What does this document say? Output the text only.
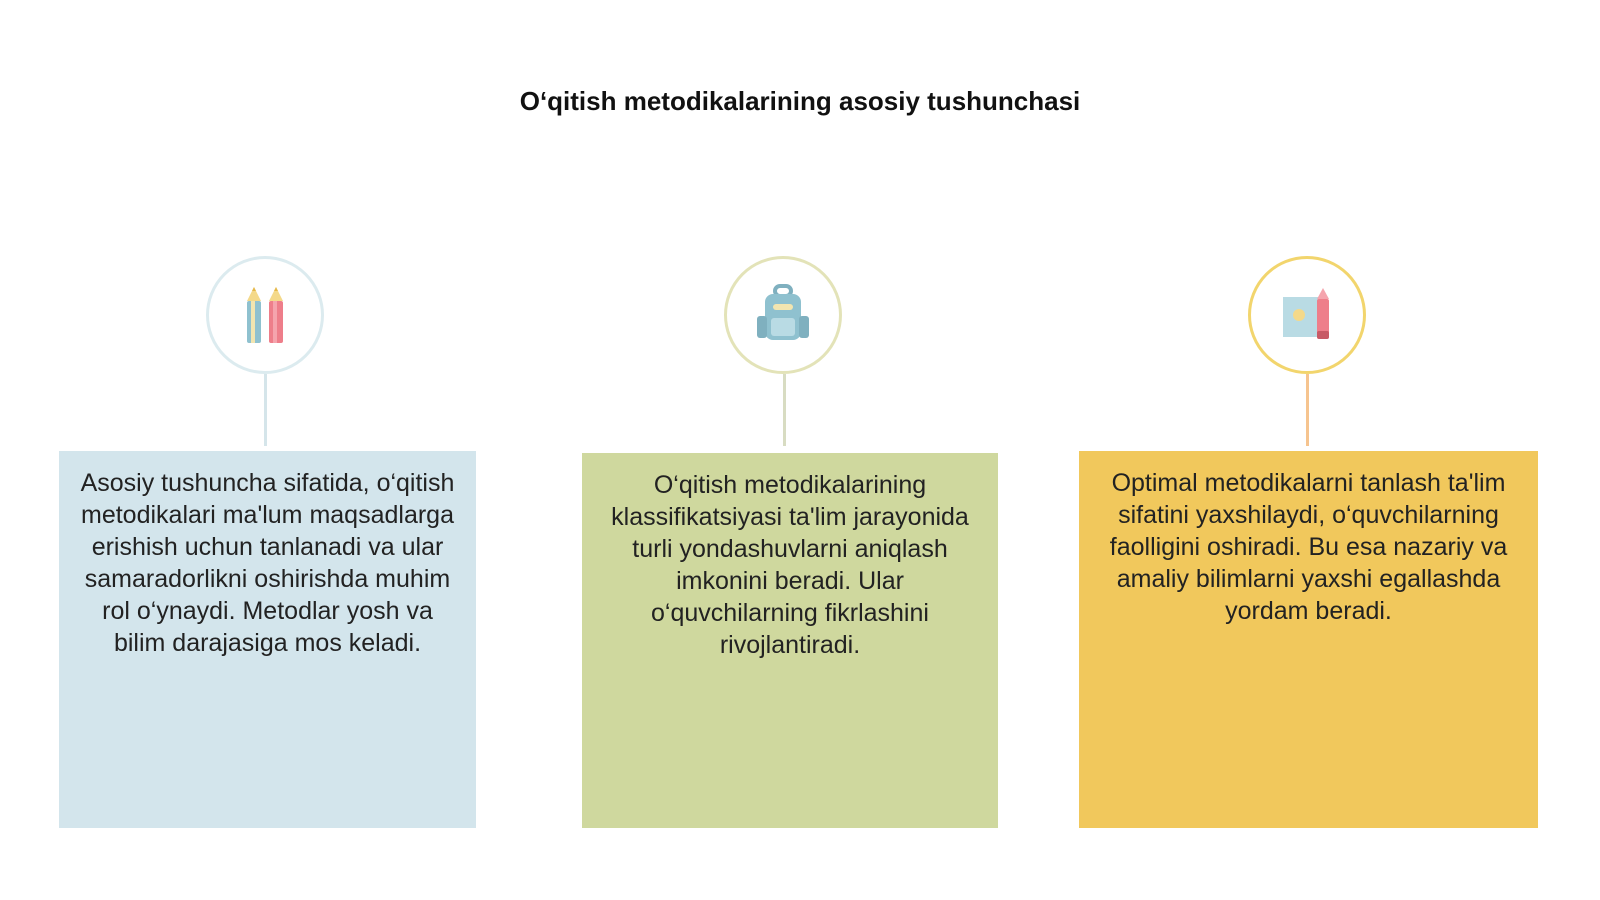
O‘qitish metodikalarining asosiy tushunchasi
Asosiy tushuncha sifatida, o‘qitish metodikalari ma'lum maqsadlarga erishish uchun tanlanadi va ular samaradorlikni oshirishda muhim rol o‘ynaydi. Metodlar yosh va bilim darajasiga mos keladi.
O‘qitish metodikalarining klassifikatsiyasi ta'lim jarayonida turli yondashuvlarni aniqlash imkonini beradi. Ular o‘quvchilarning fikrlashini rivojlantiradi.
Optimal metodikalarni tanlash ta'lim sifatini yaxshilaydi, o‘quvchilarning faolligini oshiradi. Bu esa nazariy va amaliy bilimlarni yaxshi egallashda yordam beradi.
